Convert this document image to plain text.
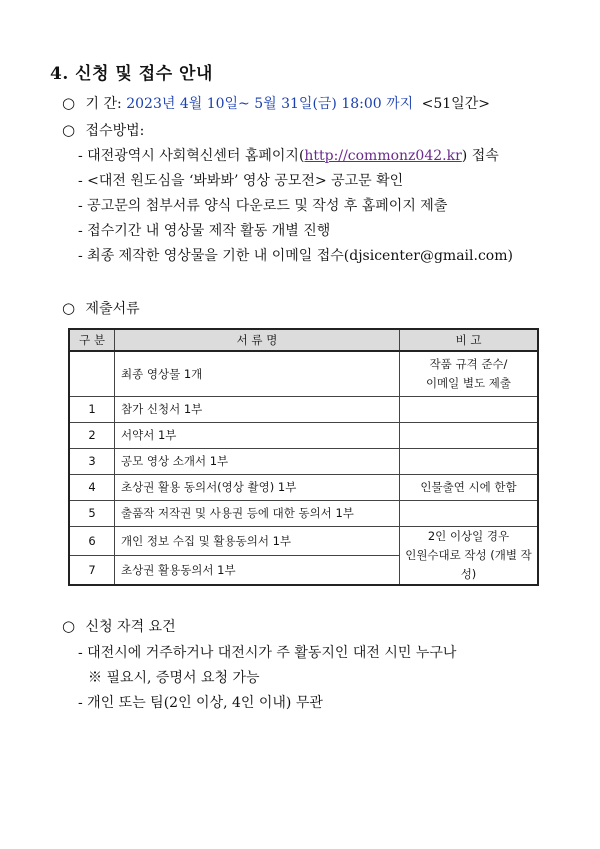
4. 신청 및 접수 안내
○ 기 간: 2023년 4월 10일~ 5월 31일(금) 18:00 까지 <51일간>
○ 접수방법:
- 대전광역시 사회혁신센터 홈페이지(http://commonz042.kr) 접속
- <대전 원도심을 ‘봐봐봐’ 영상 공모전> 공고문 확인
- 공고문의 첨부서류 양식 다운로드 및 작성 후 홈페이지 제출
- 접수기간 내 영상물 제작 활동 개별 진행
- 최종 제작한 영상물을 기한 내 이메일 접수(djsicenter@gmail.com)
○ 제출서류
구 분	서 류 명	비 고
	최종 영상물 1개	작품 규격 준수/
이메일 별도 제출

1	참가 신청서 1부	
2	서약서 1부	
3	공모 영상 소개서 1부	
4	초상권 활용 동의서(영상 촬영) 1부	인물출연 시에 한함
5	출품작 저작권 및 사용권 등에 대한 동의서 1부	
6	개인 정보 수집 및 활용동의서 1부	2인 이상일 경우
인원수대로 작성 (개별 작성)

7	초상권 활용동의서 1부	
○ 신청 자격 요건
- 대전시에 거주하거나 대전시가 주 활동지인 대전 시민 누구나
※ 필요시, 증명서 요청 가능
- 개인 또는 팀(2인 이상, 4인 이내) 무관
